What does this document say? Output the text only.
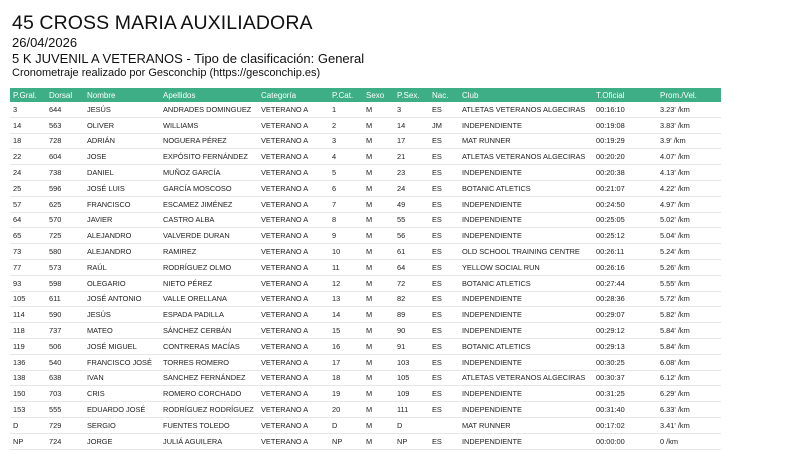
45 CROSS MARIA AUXILIADORA
26/04/2026
5 K JUVENIL A VETERANOS - Tipo de clasificación: General
Cronometraje realizado por Gesconchip (https://gesconchip.es)
P.Gral.	Dorsal	Nombre	Apellidos	Categoría	P.Cat.	Sexo	P.Sex.	Nac.	Club	T.Oficial	Prom./Vel.
3	644	JESÚS	ANDRADES DOMINGUEZ	VETERANO A	1	M	3	ES	ATLETAS VETERANOS ALGECIRAS	00:16:10	3.23' /km
14	563	OLIVER	WILLIAMS	VETERANO A	2	M	14	JM	INDEPENDIENTE	00:19:08	3.83' /km
18	728	ADRIÁN	NOGUERA PÉREZ	VETERANO A	3	M	17	ES	MAT RUNNER	00:19:29	3.9' /km
22	604	JOSE	EXPÓSITO FERNÁNDEZ	VETERANO A	4	M	21	ES	ATLETAS VETERANOS ALGECIRAS	00:20:20	4.07' /km
24	738	DANIEL	MUÑOZ GARCÍA	VETERANO A	5	M	23	ES	INDEPENDIENTE	00:20:38	4.13' /km
25	596	JOSÉ LUIS	GARCÍA MOSCOSO	VETERANO A	6	M	24	ES	BOTANIC ATLETICS	00:21:07	4.22' /km
57	625	FRANCISCO	ESCAMEZ JIMÉNEZ	VETERANO A	7	M	49	ES	INDEPENDIENTE	00:24:50	4.97' /km
64	570	JAVIER	CASTRO ALBA	VETERANO A	8	M	55	ES	INDEPENDIENTE	00:25:05	5.02' /km
65	725	ALEJANDRO	VALVERDE DURAN	VETERANO A	9	M	56	ES	INDEPENDIENTE	00:25:12	5.04' /km
73	580	ALEJANDRO	RAMIREZ	VETERANO A	10	M	61	ES	OLD SCHOOL TRAINING CENTRE	00:26:11	5.24' /km
77	573	RAÚL	RODRÍGUEZ OLMO	VETERANO A	11	M	64	ES	YELLOW SOCIAL RUN	00:26:16	5.26' /km
93	598	OLEGARIO	NIETO PÉREZ	VETERANO A	12	M	72	ES	BOTANIC ATLETICS	00:27:44	5.55' /km
105	611	JOSÉ ANTONIO	VALLE ORELLANA	VETERANO A	13	M	82	ES	INDEPENDIENTE	00:28:36	5.72' /km
114	590	JESÚS	ESPADA PADILLA	VETERANO A	14	M	89	ES	INDEPENDIENTE	00:29:07	5.82' /km
118	737	MATEO	SÁNCHEZ CERBÁN	VETERANO A	15	M	90	ES	INDEPENDIENTE	00:29:12	5.84' /km
119	506	JOSÉ MIGUEL	CONTRERAS MACÍAS	VETERANO A	16	M	91	ES	BOTANIC ATLETICS	00:29:13	5.84' /km
136	540	FRANCISCO JOSÉ	TORRES ROMERO	VETERANO A	17	M	103	ES	INDEPENDIENTE	00:30:25	6.08' /km
138	638	IVAN	SANCHEZ FERNÁNDEZ	VETERANO A	18	M	105	ES	ATLETAS VETERANOS ALGECIRAS	00:30:37	6.12' /km
150	703	CRIS	ROMERO CORCHADO	VETERANO A	19	M	109	ES	INDEPENDIENTE	00:31:25	6.29' /km
153	555	EDUARDO JOSÉ	RODRÍGUEZ RODRÍGUEZ	VETERANO A	20	M	111	ES	INDEPENDIENTE	00:31:40	6.33' /km
D	729	SERGIO	FUENTES TOLEDO	VETERANO A	D	M	D		MAT RUNNER	00:17:02	3.41' /km
NP	724	JORGE	JULIÁ AGUILERA	VETERANO A	NP	M	NP	ES	INDEPENDIENTE	00:00:00	0 /km
